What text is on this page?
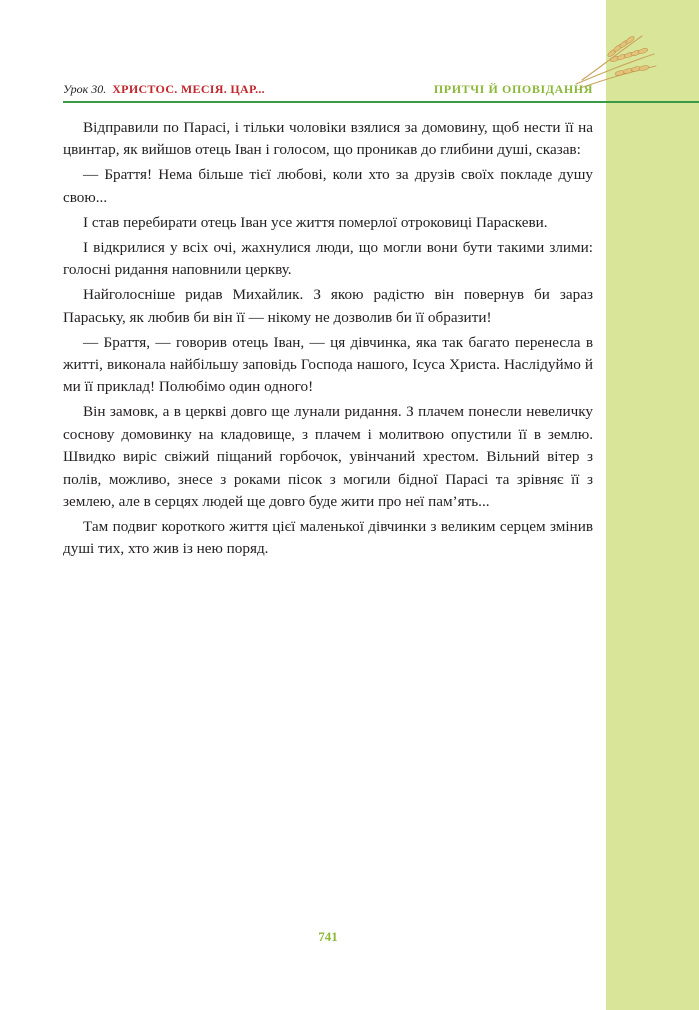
Урок 30. ХРИСТОС. МЕСІЯ. ЦАР...	ПРИТЧІ Й ОПОВІДАННЯ

Відправили по Парасі, і тільки чоловіки взялися за домовину, щоб нести її на цвинтар, як вийшов отець Іван і голосом, що проникав до глибини душі, сказав:

— Браття! Нема більше тієї любові, коли хто за друзів своїх покладе душу свою...

І став перебирати отець Іван усе життя померлої отроковиці Параскеви.

І відкрилися у всіх очі, жахнулися люди, що могли вони бути такими злими: голосні ридання наповнили церкву.

Найголосніше ридав Михайлик. З якою радістю він повернув би зараз Параську, як любив би він її — нікому не дозволив би її образити!

— Браття, — говорив отець Іван, — ця дівчинка, яка так багато перенесла в житті, виконала найбільшу заповідь Господа нашого, Ісуса Христа. Наслідуймо й ми її приклад! Полюбімо один одного!

Він замовк, а в церкві довго ще лунали ридання. З плачем понесли невеличку соснову домовинку на кладовище, з плачем і молитвою опустили її в землю. Швидко виріс свіжий піщаний горбочок, увінчаний хрестом. Вільний вітер з полів, можливо, знесе з роками пісок з могили бідної Парасі та зрівняє її з землею, але в серцях людей ще довго буде жити про неї пам’ять...

Там подвиг короткого життя цієї маленької дівчинки з великим серцем змінив душі тих, хто жив із нею поряд.

741
